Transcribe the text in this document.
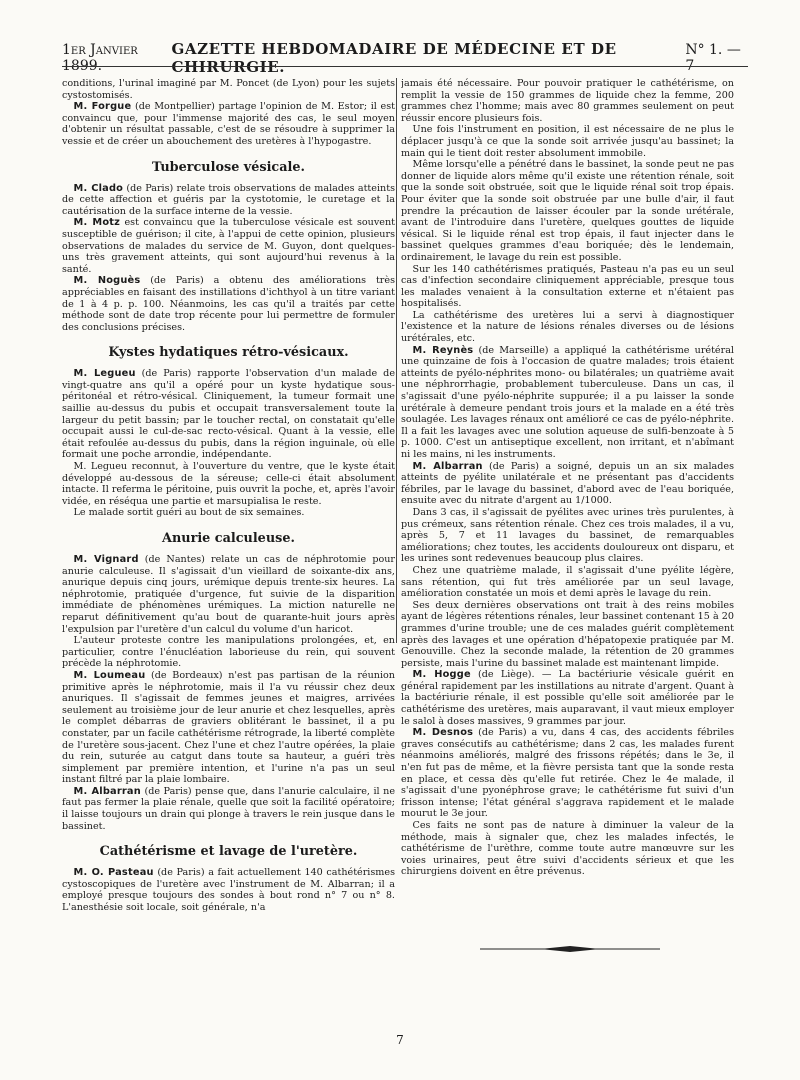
1er Janvier 1899.
GAZETTE HEBDOMADAIRE DE MÉDECINE ET DE CHIRURGIE.
N° 1. — 7

conditions, l'urinal imaginé par M. Poncet (de Lyon) pour les sujets cystostomisés.

M. Forgue (de Montpellier) partage l'opinion de M. Estor; il est convaincu que, pour l'immense majorité des cas, le seul moyen d'obtenir un résultat passable, c'est de se résoudre à supprimer la vessie et de créer un abouchement des uretères à l'hypogastre.

Tuberculose vésicale.

M. Clado (de Paris) relate trois observations de malades atteints de cette affection et guéris par la cystotomie, le curetage et la cautérisation de la surface interne de la vessie.

M. Motz est convaincu que la tuberculose vésicale est souvent susceptible de guérison; il cite, à l'appui de cette opinion, plusieurs observations de malades du service de M. Guyon, dont quelques-uns très gravement atteints, qui sont aujourd'hui revenus à la santé.

M. Noguès (de Paris) a obtenu des améliorations très appréciables en faisant des instillations d'ichthyol à un titre variant de 1 à 4 p. p. 100. Néanmoins, les cas qu'il a traités par cette méthode sont de date trop récente pour lui permettre de formuler des conclusions précises.

Kystes hydatiques rétro-vésicaux.

M. Legueu (de Paris) rapporte l'observation d'un malade de vingt-quatre ans qu'il a opéré pour un kyste hydatique sous-péritonéal et rétro-vésical. Cliniquement, la tumeur formait une saillie au-dessus du pubis et occupait transversalement toute la largeur du petit bassin; par le toucher rectal, on constatait qu'elle occupait aussi le cul-de-sac recto-vésical. Quant à la vessie, elle était refoulée au-dessus du pubis, dans la région inguinale, où elle formait une poche arrondie, indépendante.

M. Legueu reconnut, à l'ouverture du ventre, que le kyste était développé au-dessous de la séreuse; celle-ci était absolument intacte. Il referma le péritoine, puis ouvrit la poche, et, après l'avoir vidée, en réséqua une partie et marsupialisa le reste.

Le malade sortit guéri au bout de six semaines.

Anurie calculeuse.

M. Vignard (de Nantes) relate un cas de néphrotomie pour anurie calculeuse. Il s'agissait d'un vieillard de soixante-dix ans, anurique depuis cinq jours, urémique depuis trente-six heures. La néphrotomie, pratiquée d'urgence, fut suivie de la disparition immédiate de phénomènes urémiques. La miction naturelle ne reparut définitivement qu'au bout de quarante-huit jours après l'expulsion par l'uretère d'un calcul du volume d'un haricot.

L'auteur proteste contre les manipulations prolongées, et, en particulier, contre l'énucléation laborieuse du rein, qui souvent précède la néphrotomie.

M. Loumeau (de Bordeaux) n'est pas partisan de la réunion primitive après le néphrotomie, mais il l'a vu réussir chez deux anuriques. Il s'agissait de femmes jeunes et maigres, arrivées seulement au troisième jour de leur anurie et chez lesquelles, après le complet débarras de graviers oblitérant le bassinet, il a pu constater, par un facile cathétérisme rétrograde, la liberté complète de l'uretère sous-jacent. Chez l'une et chez l'autre opérées, la plaie du rein, suturée au catgut dans toute sa hauteur, a guéri très simplement par première intention, et l'urine n'a pas un seul instant filtré par la plaie lombaire.

M. Albarran (de Paris) pense que, dans l'anurie calculaire, il ne faut pas fermer la plaie rénale, quelle que soit la facilité opératoire; il laisse toujours un drain qui plonge à travers le rein jusque dans le bassinet.

Cathétérisme et lavage de l'uretère.

M. O. Pasteau (de Paris) a fait actuellement 140 cathétérismes cystoscopiques de l'uretère avec l'instrument de M. Albarran; il a employé presque toujours des sondes à bout rond n° 7 ou n° 8. L'anesthésie soit locale, soit générale, n'a

jamais été nécessaire. Pour pouvoir pratiquer le cathétérisme, on remplit la vessie de 150 grammes de liquide chez la femme, 200 grammes chez l'homme; mais avec 80 grammes seulement on peut réussir encore plusieurs fois.

Une fois l'instrument en position, il est nécessaire de ne plus le déplacer jusqu'à ce que la sonde soit arrivée jusqu'au bassinet; la main qui le tient doit rester absolument immobile.

Même lorsqu'elle a pénétré dans le bassinet, la sonde peut ne pas donner de liquide alors même qu'il existe une rétention rénale, soit que la sonde soit obstruée, soit que le liquide rénal soit trop épais. Pour éviter que la sonde soit obstruée par une bulle d'air, il faut prendre la précaution de laisser écouler par la sonde urétérale, avant de l'introduire dans l'uretère, quelques gouttes de liquide vésical. Si le liquide rénal est trop épais, il faut injecter dans le bassinet quelques grammes d'eau boriquée; dès le lendemain, ordinairement, le lavage du rein est possible.

Sur les 140 cathétérismes pratiqués, Pasteau n'a pas eu un seul cas d'infection secondaire cliniquement appréciable, presque tous les malades venaient à la consultation externe et n'étaient pas hospitalisés.

La cathétérisme des uretères lui a servi à diagnostiquer l'existence et la nature de lésions rénales diverses ou de lésions urétérales, etc.

M. Reynès (de Marseille) a appliqué la cathétérisme urétéral une quinzaine de fois à l'occasion de quatre malades; trois étaient atteints de pyélo-néphrites mono- ou bilatérales; un quatrième avait une néphrorrhagie, probablement tuberculeuse. Dans un cas, il s'agissait d'une pyélo-néphrite suppurée; il a pu laisser la sonde urétérale à demeure pendant trois jours et la malade en a été très soulagée. Les lavages rénaux ont amélioré ce cas de pyélo-néphrite. Il a fait les lavages avec une solution aqueuse de sulfi-benzoate à 5 p. 1000. C'est un antiseptique excellent, non irritant, et n'abîmant ni les mains, ni les instruments.

M. Albarran (de Paris) a soigné, depuis un an six malades atteints de pyélite unilatérale et ne présentant pas d'accidents fébriles, par le lavage du bassinet, d'abord avec de l'eau boriquée, ensuite avec du nitrate d'argent au 1/1000.

Dans 3 cas, il s'agissait de pyélites avec urines très purulentes, à pus crémeux, sans rétention rénale. Chez ces trois malades, il a vu, après 5, 7 et 11 lavages du bassinet, de remarquables améliorations; chez toutes, les accidents douloureux ont disparu, et les urines sont redevenues beaucoup plus claires.

Chez une quatrième malade, il s'agissait d'une pyélite légère, sans rétention, qui fut très améliorée par un seul lavage, amélioration constatée un mois et demi après le lavage du rein.

Ses deux dernières observations ont trait à des reins mobiles ayant de légères rétentions rénales, leur bassinet contenant 15 à 20 grammes d'urine trouble; une de ces malades guérit complètement après des lavages et une opération d'hépatopexie pratiquée par M. Genouville. Chez la seconde malade, la rétention de 20 grammes persiste, mais l'urine du bassinet malade est maintenant limpide.

M. Hogge (de Liège). — La bactériurie vésicale guérit en général rapidement par les instillations au nitrate d'argent. Quant à la bactériurie rénale, il est possible qu'elle soit améliorée par le cathétérisme des uretères, mais auparavant, il vaut mieux employer le salol à doses massives, 9 grammes par jour.

M. Desnos (de Paris) a vu, dans 4 cas, des accidents fébriles graves consécutifs au cathétérisme; dans 2 cas, les malades furent néanmoins améliorés, malgré des frissons répétés; dans le 3e, il n'en fut pas de même, et la fièvre persista tant que la sonde resta en place, et cessa dès qu'elle fut retirée. Chez le 4e malade, il s'agissait d'une pyonéphrose grave; le cathétérisme fut suivi d'un frisson intense; l'état général s'aggrava rapidement et le malade mourut le 3e jour.

Ces faits ne sont pas de nature à diminuer la valeur de la méthode, mais à signaler que, chez les malades infectés, le cathétérisme de l'urèthre, comme toute autre manœuvre sur les voies urinaires, peut être suivi d'accidents sérieux et que les chirurgiens doivent en être prévenus.

7
